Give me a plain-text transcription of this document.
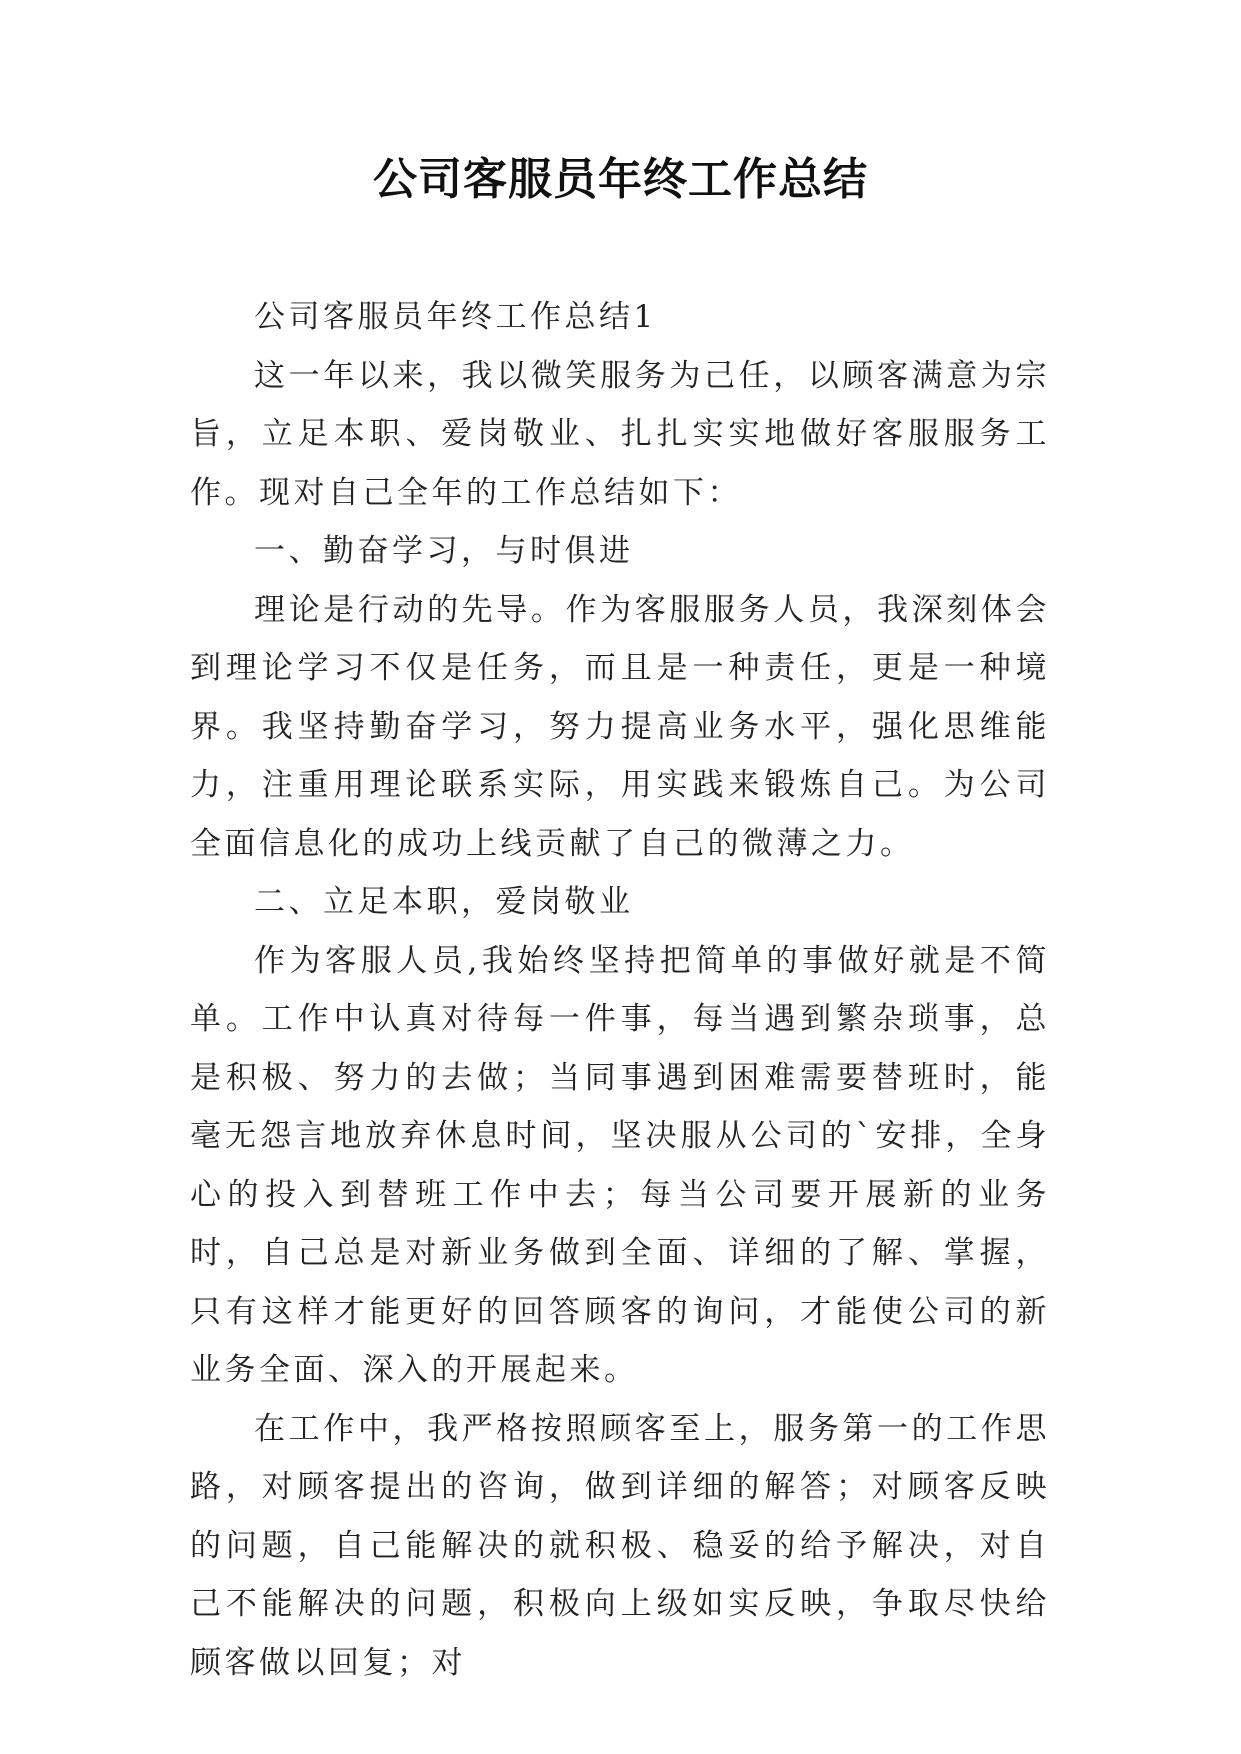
公司客服员年终工作总结

公司客服员年终工作总结1

这一年以来，我以微笑服务为己任，以顾客满意为宗旨，立足本职、爱岗敬业、扎扎实实地做好客服服务工作。现对自己全年的工作总结如下：

一、勤奋学习，与时俱进

理论是行动的先导。作为客服服务人员，我深刻体会到理论学习不仅是任务，而且是一种责任，更是一种境界。我坚持勤奋学习，努力提高业务水平，强化思维能力，注重用理论联系实际，用实践来锻炼自己。为公司全面信息化的成功上线贡献了自己的微薄之力。

二、立足本职，爱岗敬业

作为客服人员,我始终坚持把简单的事做好就是不简单。工作中认真对待每一件事，每当遇到繁杂琐事，总是积极、努力的去做；当同事遇到困难需要替班时，能毫无怨言地放弃休息时间，坚决服从公司的`安排，全身心的投入到替班工作中去；每当公司要开展新的业务时，自己总是对新业务做到全面、详细的了解、掌握，只有这样才能更好的回答顾客的询问，才能使公司的新业务全面、深入的开展起来。

在工作中，我严格按照顾客至上，服务第一的工作思路，对顾客提出的咨询，做到详细的解答；对顾客反映的问题，自己能解决的就积极、稳妥的给予解决，对自己不能解决的问题，积极向上级如实反映，争取尽快给顾客做以回复；对
